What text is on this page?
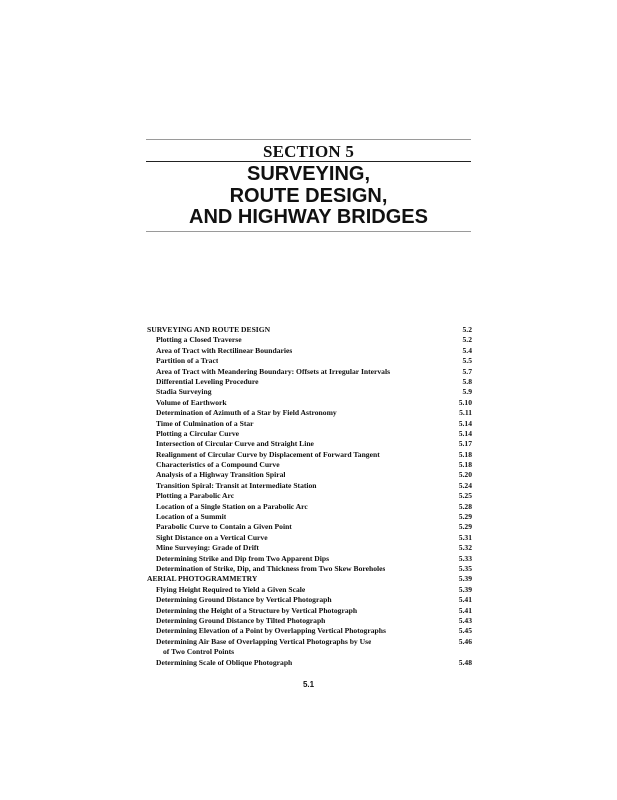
SECTION 5
SURVEYING,
ROUTE DESIGN,
AND HIGHWAY BRIDGES
SURVEYING AND ROUTE DESIGN	5.2
Plotting a Closed Traverse	5.2
Area of Tract with Rectilinear Boundaries	5.4
Partition of a Tract	5.5
Area of Tract with Meandering Boundary: Offsets at Irregular Intervals	5.7
Differential Leveling Procedure	5.8
Stadia Surveying	5.9
Volume of Earthwork	5.10
Determination of Azimuth of a Star by Field Astronomy	5.11
Time of Culmination of a Star	5.14
Plotting a Circular Curve	5.14
Intersection of Circular Curve and Straight Line	5.17
Realignment of Circular Curve by Displacement of Forward Tangent	5.18
Characteristics of a Compound Curve	5.18
Analysis of a Highway Transition Spiral	5.20
Transition Spiral: Transit at Intermediate Station	5.24
Plotting a Parabolic Arc	5.25
Location of a Single Station on a Parabolic Arc	5.28
Location of a Summit	5.29
Parabolic Curve to Contain a Given Point	5.29
Sight Distance on a Vertical Curve	5.31
Mine Surveying: Grade of Drift	5.32
Determining Strike and Dip from Two Apparent Dips	5.33
Determination of Strike, Dip, and Thickness from Two Skew Boreholes	5.35
AERIAL PHOTOGRAMMETRY	5.39
Flying Height Required to Yield a Given Scale	5.39
Determining Ground Distance by Vertical Photograph	5.41
Determining the Height of a Structure by Vertical Photograph	5.41
Determining Ground Distance by Tilted Photograph	5.43
Determining Elevation of a Point by Overlapping Vertical Photographs	5.45
Determining Air Base of Overlapping Vertical Photographs by Use	5.46
of Two Control Points
Determining Scale of Oblique Photograph	5.48
5.1
